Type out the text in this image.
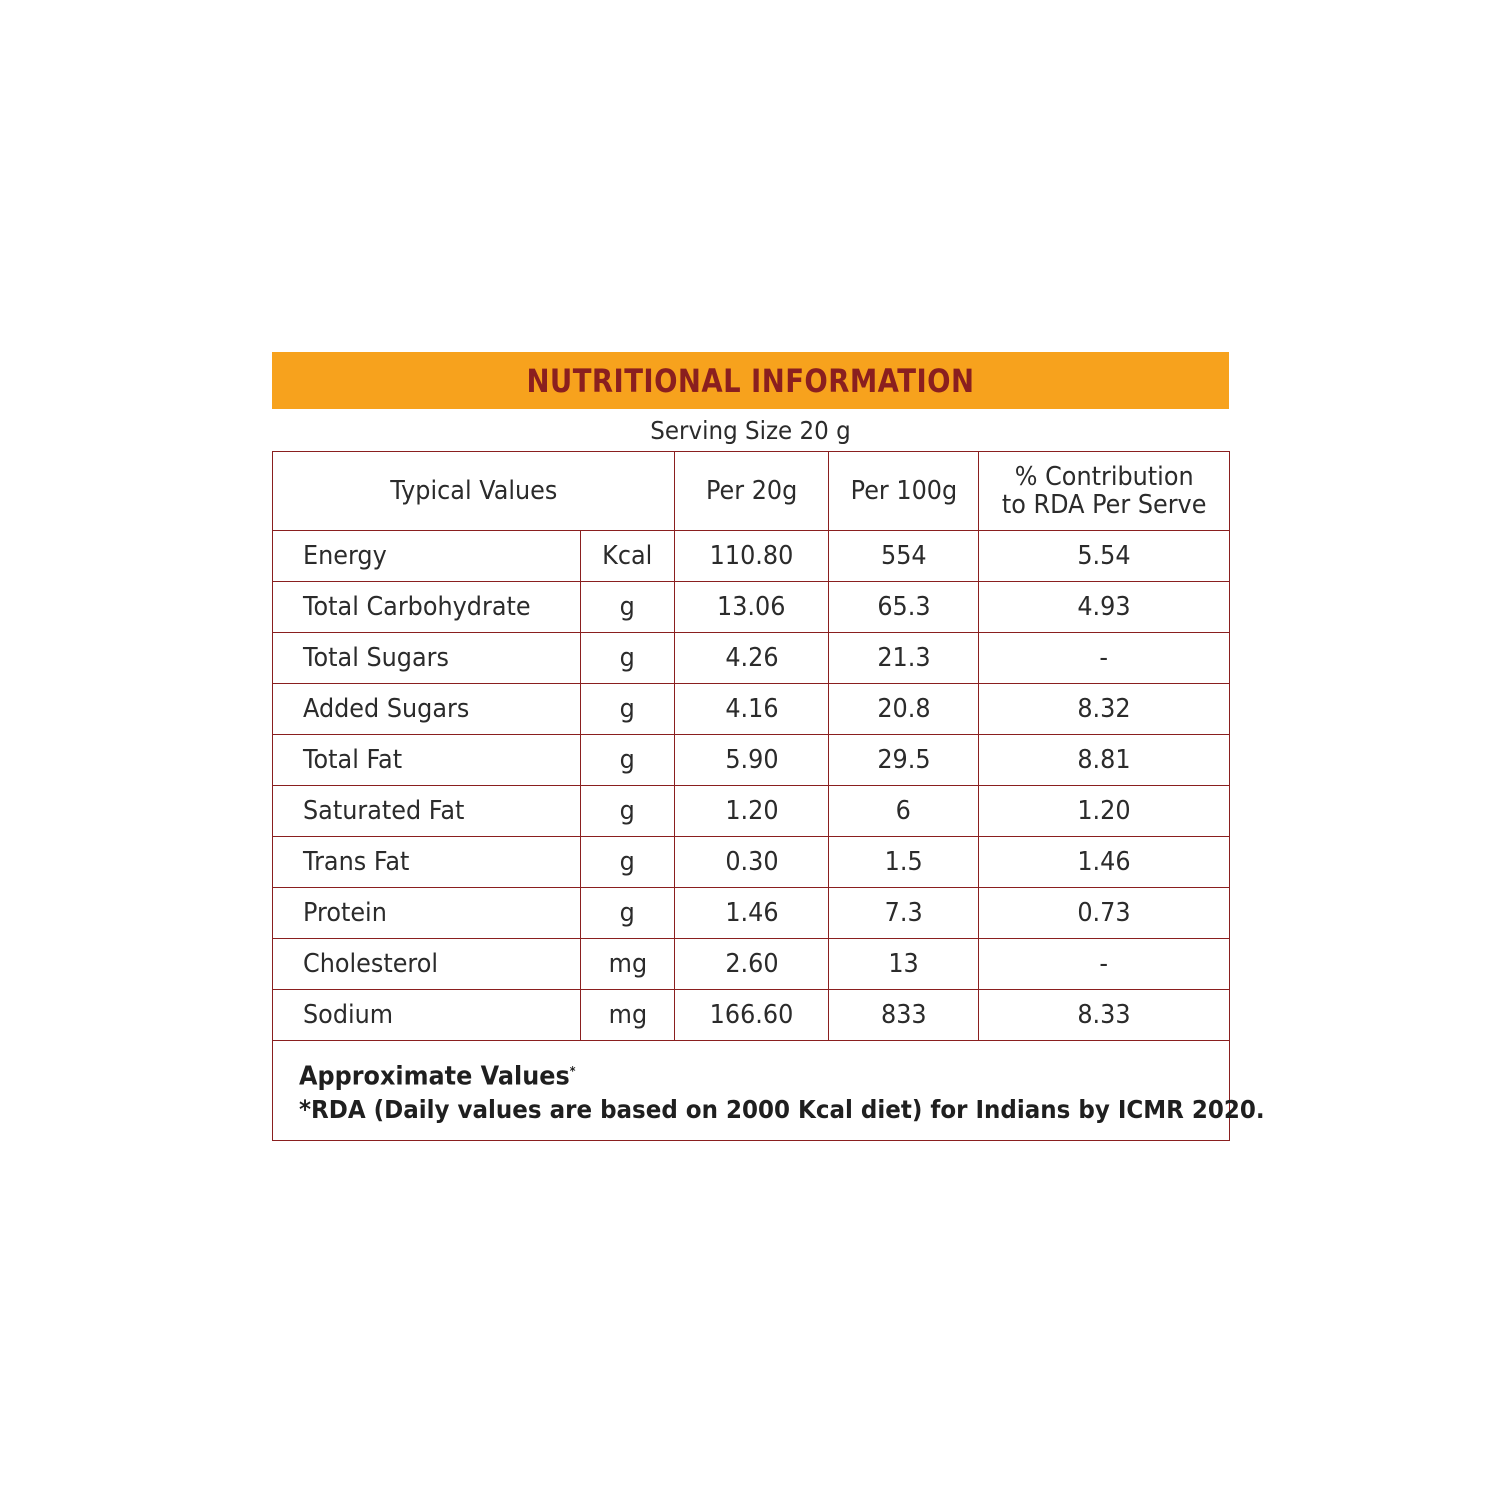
NUTRITIONAL INFORMATION
Serving Size 20 g
Typical Values		Per 20g	Per 100g	% Contribution
to RDA Per Serve
Energy	Kcal	110.80	554	5.54
Total Carbohydrate	g	13.06	65.3	4.93
Total Sugars	g	4.26	21.3	-
Added Sugars	g	4.16	20.8	8.32
Total Fat	g	5.90	29.5	8.81
Saturated Fat	g	1.20	6	1.20
Trans Fat	g	0.30	1.5	1.46
Protein	g	1.46	7.3	0.73
Cholesterol	mg	2.60	13	-
Sodium	mg	166.60	833	8.33

Approximate Values*
*RDA (Daily values are based on 2000 Kcal diet) for Indians by ICMR 2020.				
